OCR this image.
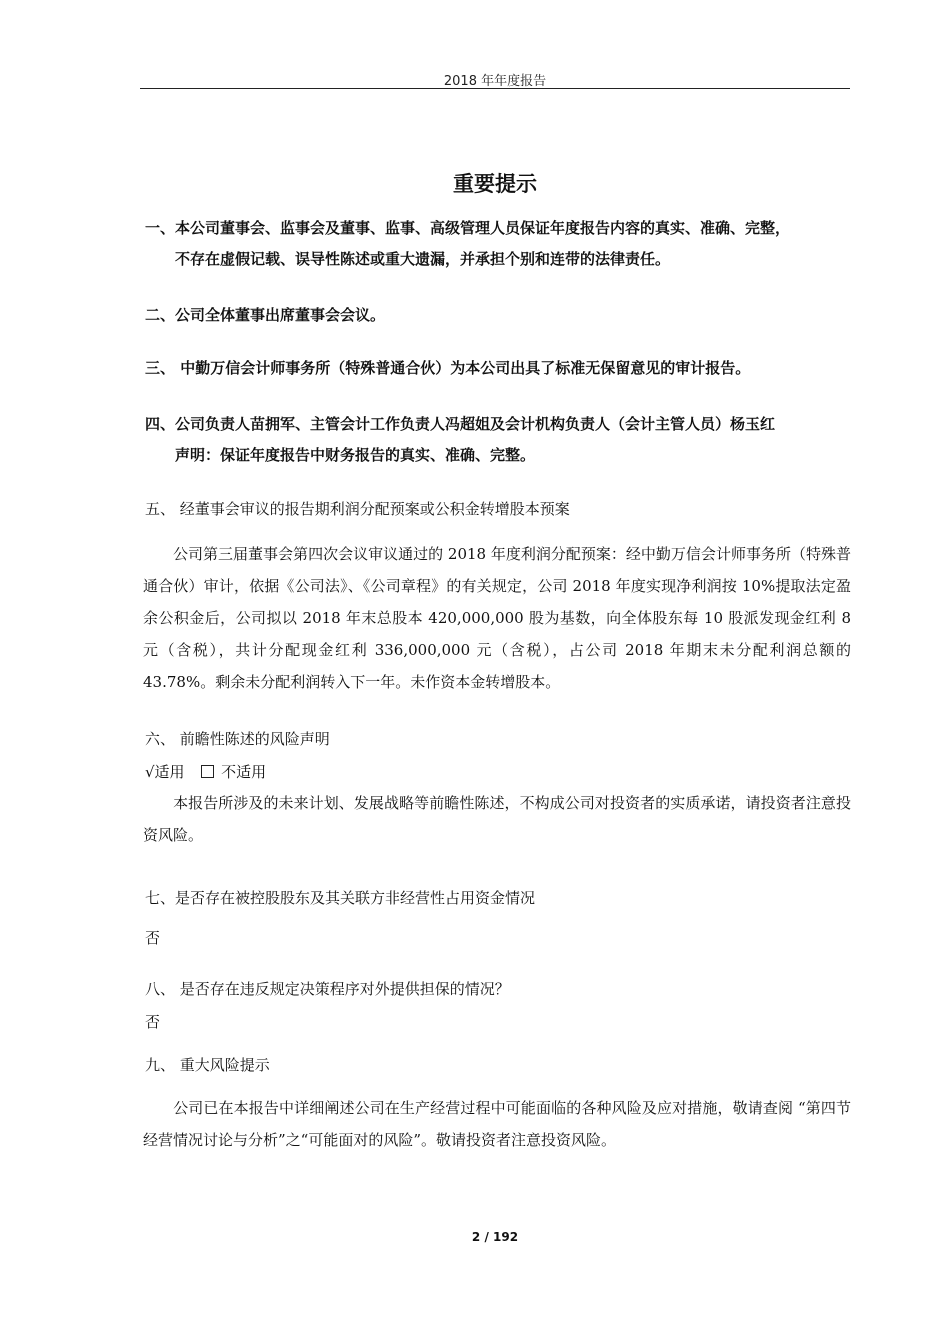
2018 年年度报告
重要提示
一、本公司董事会、监事会及董事、监事、高级管理人员保证年度报告内容的真实、准确、完整，
不存在虚假记载、误导性陈述或重大遗漏，并承担个别和连带的法律责任。
二、公司全体董事出席董事会会议。
三、 中勤万信会计师事务所（特殊普通合伙）为本公司出具了标准无保留意见的审计报告。
四、公司负责人苗拥军、主管会计工作负责人冯超姐及会计机构负责人（会计主管人员）杨玉红
声明：保证年度报告中财务报告的真实、准确、完整。
五、 经董事会审议的报告期利润分配预案或公积金转增股本预案
公司第三届董事会第四次会议审议通过的 2018 年度利润分配预案：经中勤万信会计师事务所（特殊普通合伙）审计，依据《公司法》、《公司章程》的有关规定，公司 2018 年度实现净利润按 10%提取法定盈余公积金后，公司拟以 2018 年末总股本 420,000,000 股为基数，向全体股东每 10 股派发现金红利 8 元（含税），共计分配现金红利 336,000,000 元（含税），占公司 2018 年期末未分配利润总额的 43.78%。剩余未分配利润转入下一年。未作资本金转增股本。
六、 前瞻性陈述的风险声明
√适用 不适用
本报告所涉及的未来计划、发展战略等前瞻性陈述，不构成公司对投资者的实质承诺，请投资者注意投资风险。
七、是否存在被控股股东及其关联方非经营性占用资金情况
否
八、 是否存在违反规定决策程序对外提供担保的情况？
否
九、 重大风险提示
公司已在本报告中详细阐述公司在生产经营过程中可能面临的各种风险及应对措施，敬请查阅 “第四节经营情况讨论与分析”之“可能面对的风险”。敬请投资者注意投资风险。
2 / 192
